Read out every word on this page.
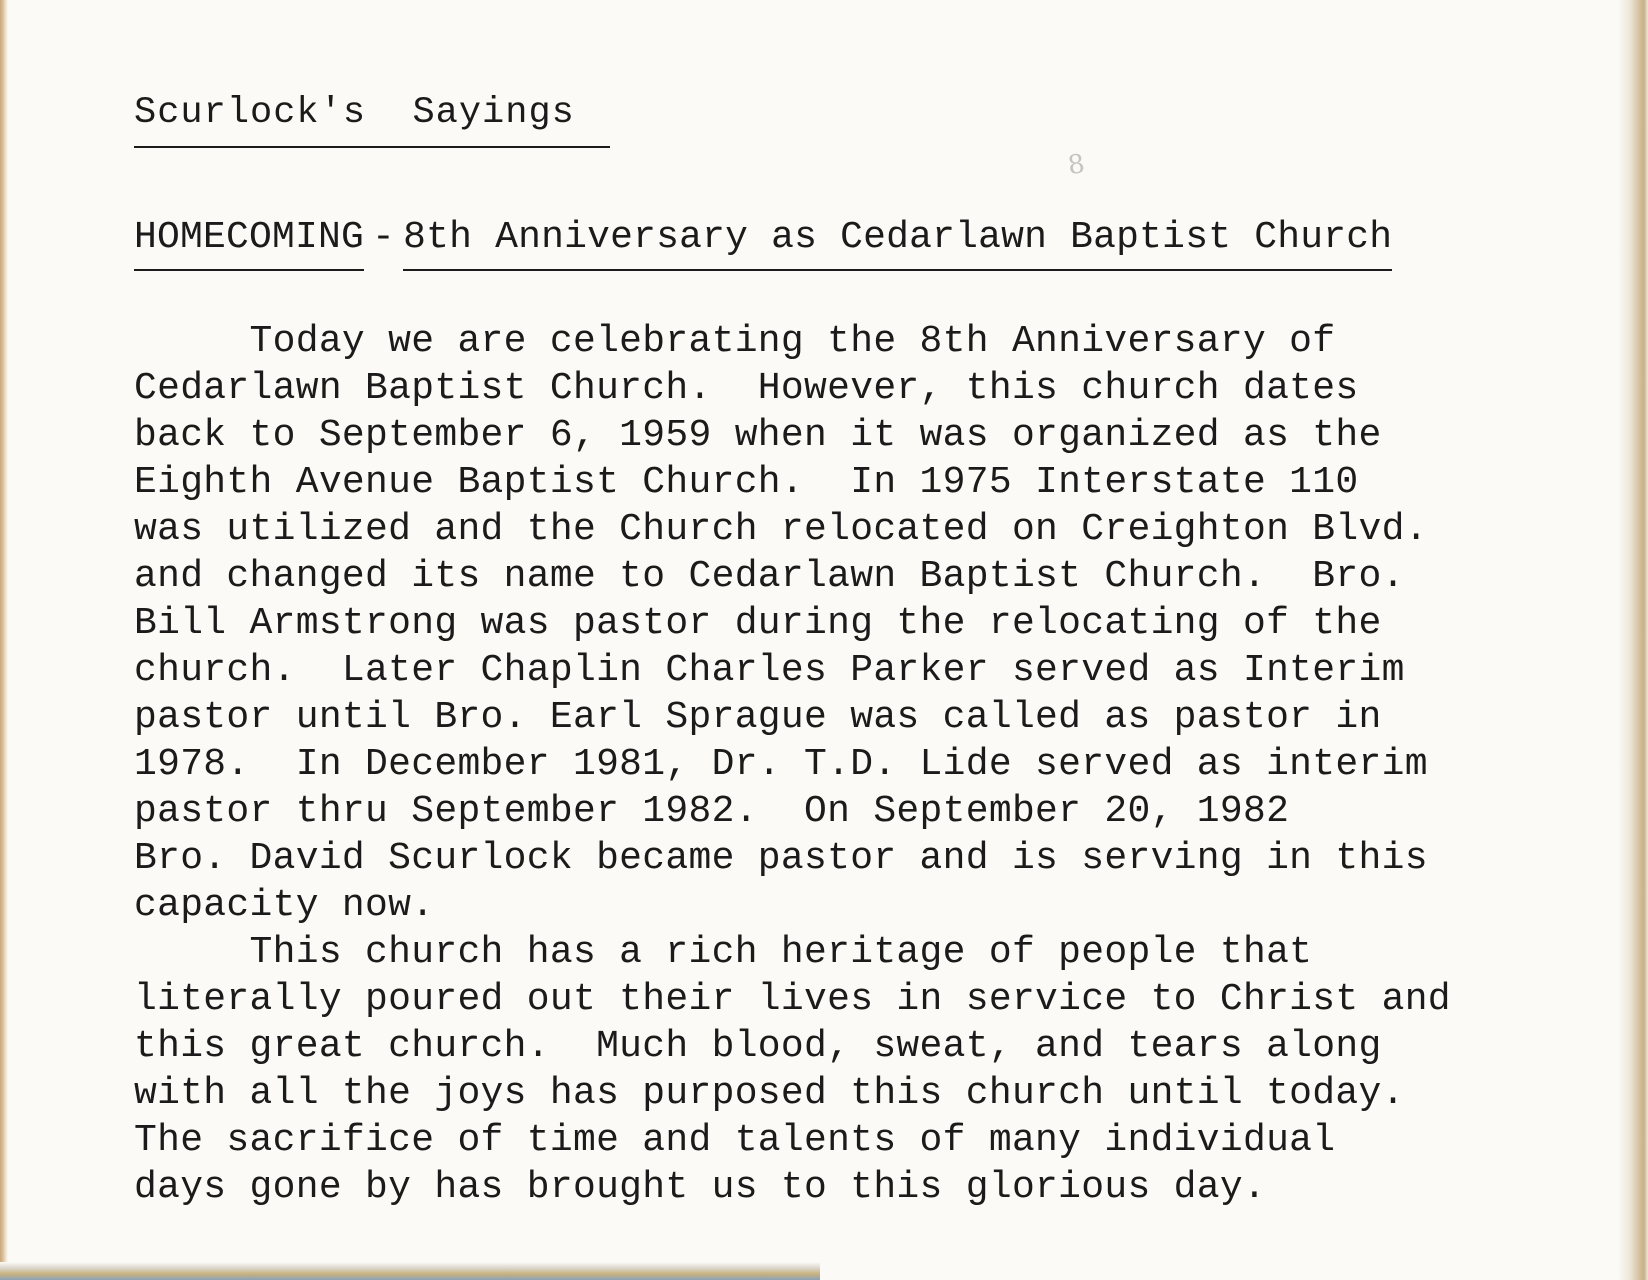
8
Scurlock's  Sayings
HOMECOMING - 8th Anniversary as Cedarlawn Baptist Church
Today we are celebrating the 8th Anniversary of
Cedarlawn Baptist Church.  However, this church dates
back to September 6, 1959 when it was organized as the
Eighth Avenue Baptist Church.  In 1975 Interstate 110
was utilized and the Church relocated on Creighton Blvd.
and changed its name to Cedarlawn Baptist Church.  Bro.
Bill Armstrong was pastor during the relocating of the
church.  Later Chaplin Charles Parker served as Interim
pastor until Bro. Earl Sprague was called as pastor in
1978.  In December 1981, Dr. T.D. Lide served as interim
pastor thru September 1982.  On September 20, 1982
Bro. David Scurlock became pastor and is serving in this
capacity now.
This church has a rich heritage of people that
literally poured out their lives in service to Christ and
this great church.  Much blood, sweat, and tears along
with all the joys has purposed this church until today.
The sacrifice of time and talents of many individual
days gone by has brought us to this glorious day.
